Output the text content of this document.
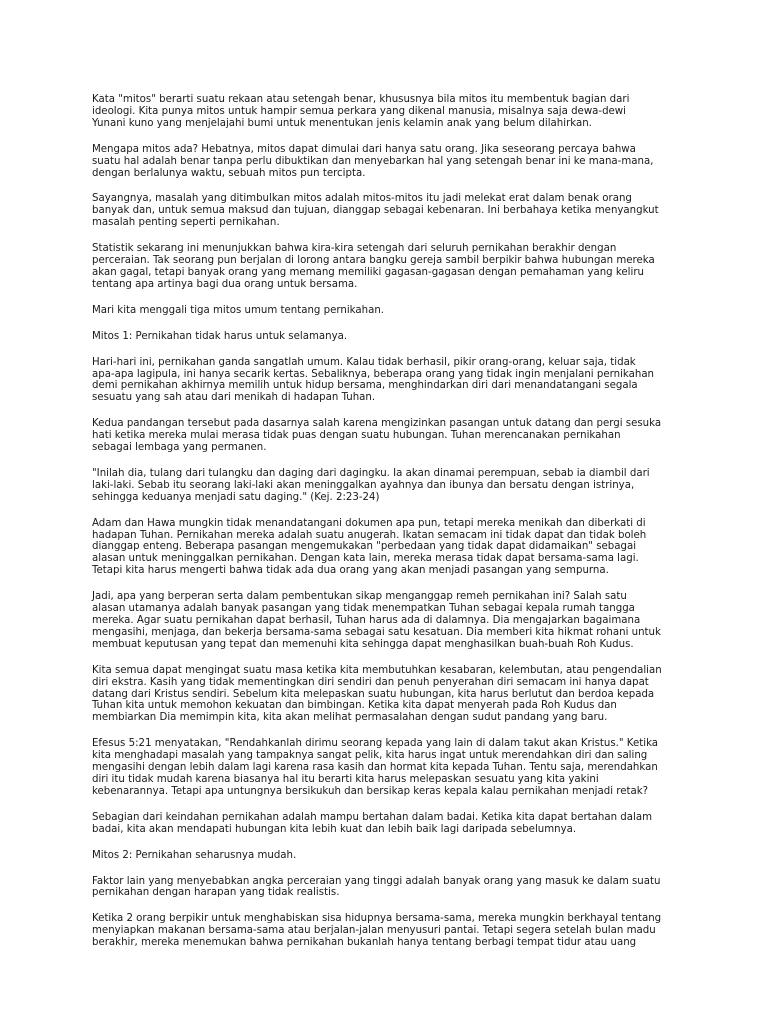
Kata "mitos" berarti suatu rekaan atau setengah benar, khususnya bila mitos itu membentuk bagian dari
ideologi. Kita punya mitos untuk hampir semua perkara yang dikenal manusia, misalnya saja dewa-dewi
Yunani kuno yang menjelajahi bumi untuk menentukan jenis kelamin anak yang belum dilahirkan.

Mengapa mitos ada? Hebatnya, mitos dapat dimulai dari hanya satu orang. Jika seseorang percaya bahwa
suatu hal adalah benar tanpa perlu dibuktikan dan menyebarkan hal yang setengah benar ini ke mana-mana,
dengan berlalunya waktu, sebuah mitos pun tercipta.

Sayangnya, masalah yang ditimbulkan mitos adalah mitos-mitos itu jadi melekat erat dalam benak orang
banyak dan, untuk semua maksud dan tujuan, dianggap sebagai kebenaran. Ini berbahaya ketika menyangkut
masalah penting seperti pernikahan.

Statistik sekarang ini menunjukkan bahwa kira-kira setengah dari seluruh pernikahan berakhir dengan
perceraian. Tak seorang pun berjalan di lorong antara bangku gereja sambil berpikir bahwa hubungan mereka
akan gagal, tetapi banyak orang yang memang memiliki gagasan-gagasan dengan pemahaman yang keliru
tentang apa artinya bagi dua orang untuk bersama.

Mari kita menggali tiga mitos umum tentang pernikahan.

Mitos 1: Pernikahan tidak harus untuk selamanya.

Hari-hari ini, pernikahan ganda sangatlah umum. Kalau tidak berhasil, pikir orang-orang, keluar saja, tidak
apa-apa lagipula, ini hanya secarik kertas. Sebaliknya, beberapa orang yang tidak ingin menjalani pernikahan
demi pernikahan akhirnya memilih untuk hidup bersama, menghindarkan diri dari menandatangani segala
sesuatu yang sah atau dari menikah di hadapan Tuhan.

Kedua pandangan tersebut pada dasarnya salah karena mengizinkan pasangan untuk datang dan pergi sesuka
hati ketika mereka mulai merasa tidak puas dengan suatu hubungan. Tuhan merencanakan pernikahan
sebagai lembaga yang permanen.

"Inilah dia, tulang dari tulangku dan daging dari dagingku. Ia akan dinamai perempuan, sebab ia diambil dari
laki-laki. Sebab itu seorang laki-laki akan meninggalkan ayahnya dan ibunya dan bersatu dengan istrinya,
sehingga keduanya menjadi satu daging." (Kej. 2:23-24)

Adam dan Hawa mungkin tidak menandatangani dokumen apa pun, tetapi mereka menikah dan diberkati di
hadapan Tuhan. Pernikahan mereka adalah suatu anugerah. Ikatan semacam ini tidak dapat dan tidak boleh
dianggap enteng. Beberapa pasangan mengemukakan "perbedaan yang tidak dapat didamaikan" sebagai
alasan untuk meninggalkan pernikahan. Dengan kata lain, mereka merasa tidak dapat bersama-sama lagi.
Tetapi kita harus mengerti bahwa tidak ada dua orang yang akan menjadi pasangan yang sempurna.

Jadi, apa yang berperan serta dalam pembentukan sikap menganggap remeh pernikahan ini? Salah satu
alasan utamanya adalah banyak pasangan yang tidak menempatkan Tuhan sebagai kepala rumah tangga
mereka. Agar suatu pernikahan dapat berhasil, Tuhan harus ada di dalamnya. Dia mengajarkan bagaimana
mengasihi, menjaga, dan bekerja bersama-sama sebagai satu kesatuan. Dia memberi kita hikmat rohani untuk
membuat keputusan yang tepat dan memenuhi kita sehingga dapat menghasilkan buah-buah Roh Kudus.

Kita semua dapat mengingat suatu masa ketika kita membutuhkan kesabaran, kelembutan, atau pengendalian
diri ekstra. Kasih yang tidak mementingkan diri sendiri dan penuh penyerahan diri semacam ini hanya dapat
datang dari Kristus sendiri. Sebelum kita melepaskan suatu hubungan, kita harus berlutut dan berdoa kepada
Tuhan kita untuk memohon kekuatan dan bimbingan. Ketika kita dapat menyerah pada Roh Kudus dan
membiarkan Dia memimpin kita, kita akan melihat permasalahan dengan sudut pandang yang baru.

Efesus 5:21 menyatakan, "Rendahkanlah dirimu seorang kepada yang lain di dalam takut akan Kristus." Ketika
kita menghadapi masalah yang tampaknya sangat pelik, kita harus ingat untuk merendahkan diri dan saling
mengasihi dengan lebih dalam lagi karena rasa kasih dan hormat kita kepada Tuhan. Tentu saja, merendahkan
diri itu tidak mudah karena biasanya hal itu berarti kita harus melepaskan sesuatu yang kita yakini
kebenarannya. Tetapi apa untungnya bersikukuh dan bersikap keras kepala kalau pernikahan menjadi retak?

Sebagian dari keindahan pernikahan adalah mampu bertahan dalam badai. Ketika kita dapat bertahan dalam
badai, kita akan mendapati hubungan kita lebih kuat dan lebih baik lagi daripada sebelumnya.

Mitos 2: Pernikahan seharusnya mudah.

Faktor lain yang menyebabkan angka perceraian yang tinggi adalah banyak orang yang masuk ke dalam suatu
pernikahan dengan harapan yang tidak realistis.

Ketika 2 orang berpikir untuk menghabiskan sisa hidupnya bersama-sama, mereka mungkin berkhayal tentang
menyiapkan makanan bersama-sama atau berjalan-jalan menyusuri pantai. Tetapi segera setelah bulan madu
berakhir, mereka menemukan bahwa pernikahan bukanlah hanya tentang berbagi tempat tidur atau uang
